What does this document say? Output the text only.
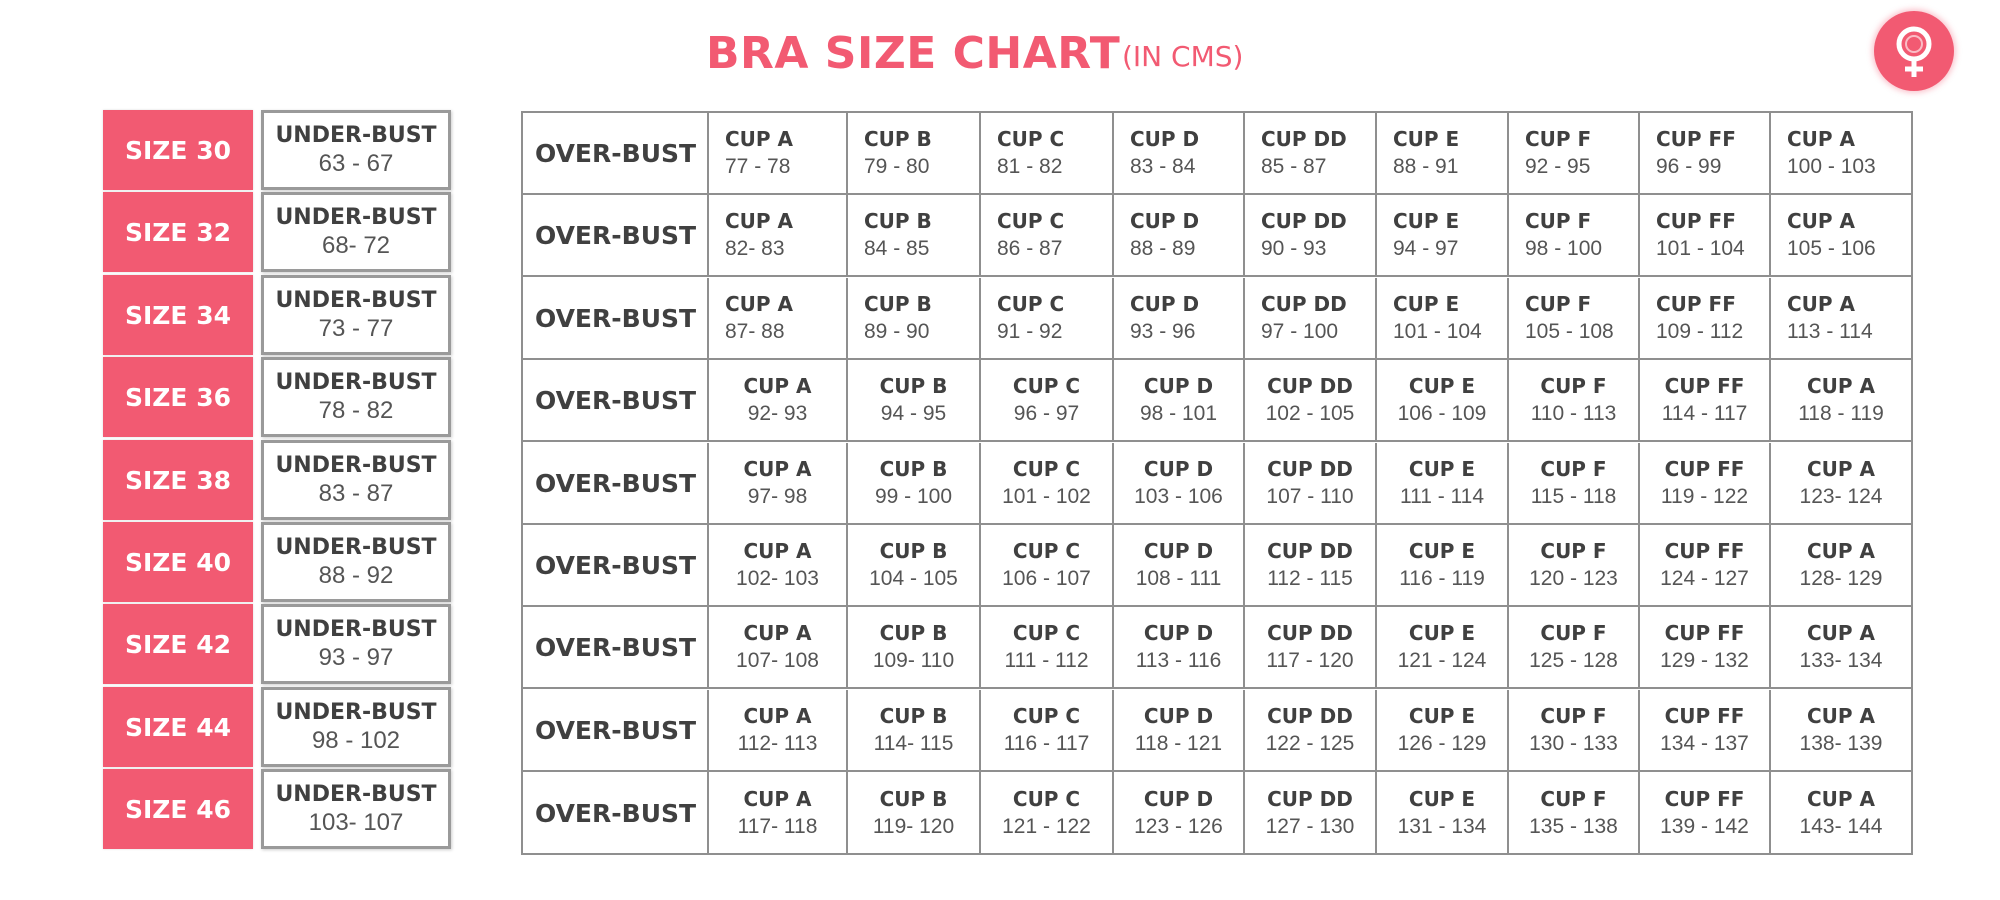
BRA SIZE CHART (IN CMS)
SIZE 30
SIZE 32
SIZE 34
SIZE 36
SIZE 38
SIZE 40
SIZE 42
SIZE 44
SIZE 46
UNDER-BUST
63 - 67
UNDER-BUST
68- 72
UNDER-BUST
73 - 77
UNDER-BUST
78 - 82
UNDER-BUST
83 - 87
UNDER-BUST
88 - 92
UNDER-BUST
93 - 97
UNDER-BUST
98 - 102
UNDER-BUST
103- 107
OVER-BUST CUP A
77 - 78
CUP B
79 - 80
CUP C
81 - 82
CUP D
83 - 84
CUP DD
85 - 87
CUP E
88 - 91
CUP F
92 - 95
CUP FF
96 - 99
CUP A
100 - 103
OVER-BUST CUP A
82- 83
CUP B
84 - 85
CUP C
86 - 87
CUP D
88 - 89
CUP DD
90 - 93
CUP E
94 - 97
CUP F
98 - 100
CUP FF
101 - 104
CUP A
105 - 106
OVER-BUST CUP A
87- 88
CUP B
89 - 90
CUP C
91 - 92
CUP D
93 - 96
CUP DD
97 - 100
CUP E
101 - 104
CUP F
105 - 108
CUP FF
109 - 112
CUP A
113 - 114
OVER-BUST CUP A
92- 93
CUP B
94 - 95
CUP C
96 - 97
CUP D
98 - 101
CUP DD
102 - 105
CUP E
106 - 109
CUP F
110 - 113
CUP FF
114 - 117
CUP A
118 - 119
OVER-BUST CUP A
97- 98
CUP B
99 - 100
CUP C
101 - 102
CUP D
103 - 106
CUP DD
107 - 110
CUP E
111 - 114
CUP F
115 - 118
CUP FF
119 - 122
CUP A
123- 124
OVER-BUST CUP A
102- 103
CUP B
104 - 105
CUP C
106 - 107
CUP D
108 - 111
CUP DD
112 - 115
CUP E
116 - 119
CUP F
120 - 123
CUP FF
124 - 127
CUP A
128- 129
OVER-BUST CUP A
107- 108
CUP B
109- 110
CUP C
111 - 112
CUP D
113 - 116
CUP DD
117 - 120
CUP E
121 - 124
CUP F
125 - 128
CUP FF
129 - 132
CUP A
133- 134
OVER-BUST CUP A
112- 113
CUP B
114- 115
CUP C
116 - 117
CUP D
118 - 121
CUP DD
122 - 125
CUP E
126 - 129
CUP F
130 - 133
CUP FF
134 - 137
CUP A
138- 139
OVER-BUST CUP A
117- 118
CUP B
119- 120
CUP C
121 - 122
CUP D
123 - 126
CUP DD
127 - 130
CUP E
131 - 134
CUP F
135 - 138
CUP FF
139 - 142
CUP A
143- 144
